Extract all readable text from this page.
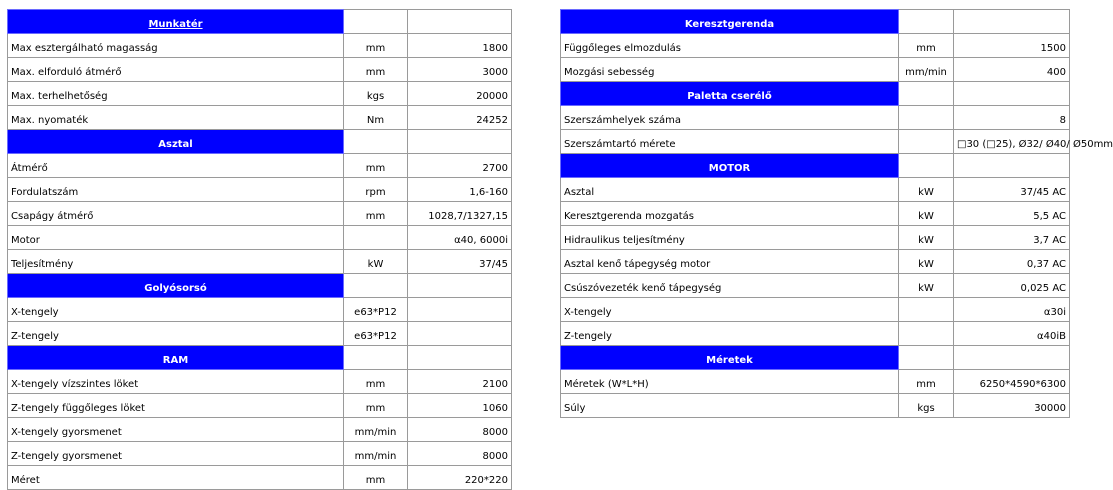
Munkatér		
Max esztergálható magasság	mm	1800
Max. elforduló átmérő	mm	3000
Max. terhelhetőség	kgs	20000
Max. nyomaték	Nm	24252
Asztal		
Átmérő	mm	2700
Fordulatszám	rpm	1,6-160
Csapágy átmérő	mm	1028,7/1327,15
Motor		α40, 6000i
Teljesítmény	kW	37/45
Golyósorsó		
X-tengely	e63*P12	
Z-tengely	e63*P12	
RAM		
X-tengely vízszintes löket	mm	2100
Z-tengely függőleges löket	mm	1060
X-tengely gyorsmenet	mm/min	8000
Z-tengely gyorsmenet	mm/min	8000
Méret	mm	220*220
Keresztgerenda		
Függőleges elmozdulás	mm	1500
Mozgási sebesség	mm/min	400
Paletta cserélő		
Szerszámhelyek száma		8
Szerszámtartó mérete		□30 (□25), Ø32/ Ø40/ Ø50mm
MOTOR		
Asztal	kW	37/45 AC
Keresztgerenda mozgatás	kW	5,5 AC
Hidraulikus teljesítmény	kW	3,7 AC
Asztal kenő tápegység motor	kW	0,37 AC
Csúszóvezeték kenő tápegység	kW	0,025 AC
X-tengely		α30i
Z-tengely		α40iB
Méretek		
Méretek (W*L*H)	mm	6250*4590*6300
Súly	kgs	30000
